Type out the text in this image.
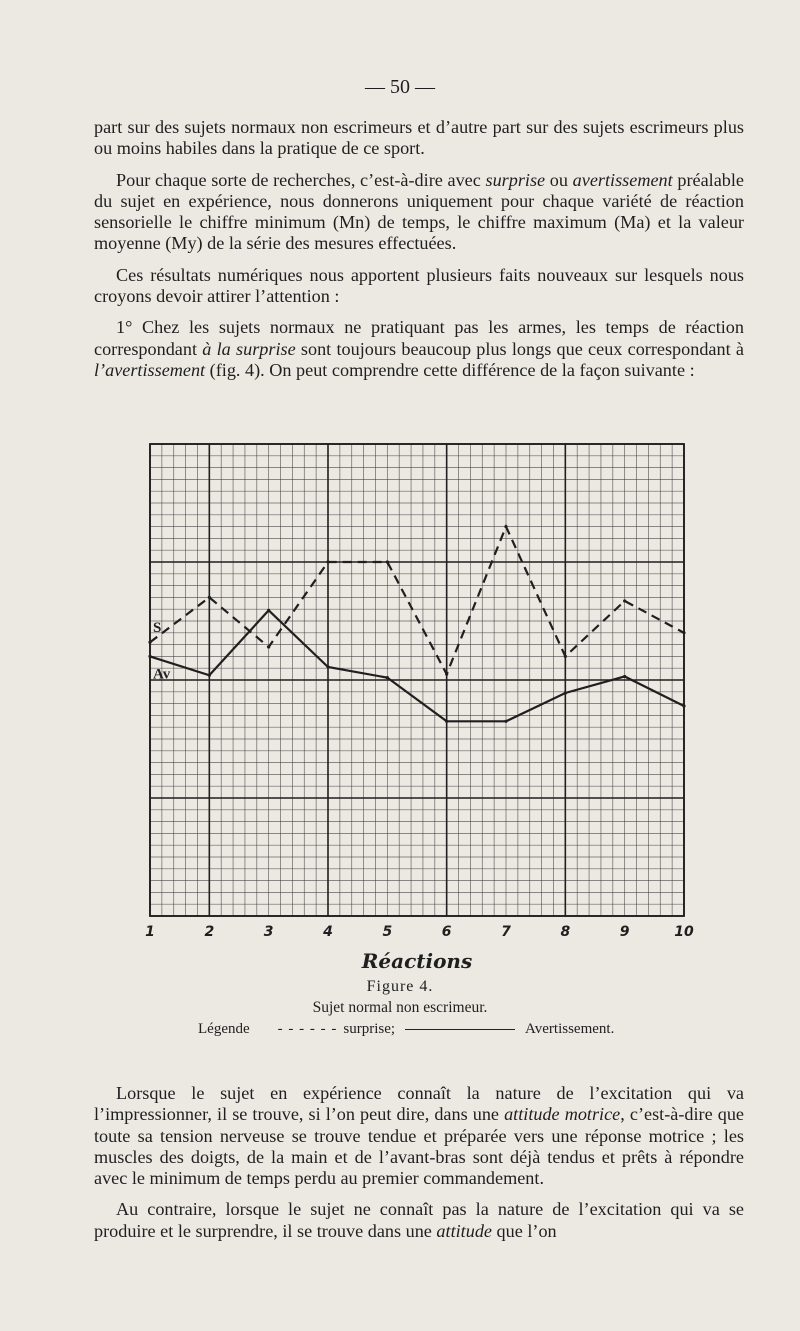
— 50 —

part sur des sujets normaux non escrimeurs et d’autre part sur des sujets escrimeurs plus ou moins habiles dans la pratique de ce sport.

Pour chaque sorte de recherches, c’est-à-dire avec surprise ou avertissement préalable du sujet en expérience, nous donnerons uniquement pour chaque variété de réaction sensorielle le chiffre minimum (Mn) de temps, le chiffre maximum (Ma) et la valeur moyenne (My) de la série des mesures effectuées.

Ces résultats numériques nous apportent plusieurs faits nouveaux sur lesquels nous croyons devoir attirer l’attention :

1° Chez les sujets normaux ne pratiquant pas les armes, les temps de réaction correspondant à la surprise sont toujours beaucoup plus longs que ceux correspondant à l’avertissement (fig. 4). On peut comprendre cette différence de la façon suivante :

S
Av
1	2	3	4	5	6	7	8	9	10
Réactions
Figure 4.
Sujet normal non escrimeur.
Légende - - - - - - surprise;	Avertissement.

Lorsque le sujet en expérience connaît la nature de l’excitation qui va l’impressionner, il se trouve, si l’on peut dire, dans une attitude motrice, c’est-à-dire que toute sa tension nerveuse se trouve tendue et préparée vers une réponse motrice ; les muscles des doigts, de la main et de l’avant-bras sont déjà tendus et prêts à répondre avec le minimum de temps perdu au premier commandement.

Au contraire, lorsque le sujet ne connaît pas la nature de l’excitation qui va se produire et le surprendre, il se trouve dans une attitude que l’on
